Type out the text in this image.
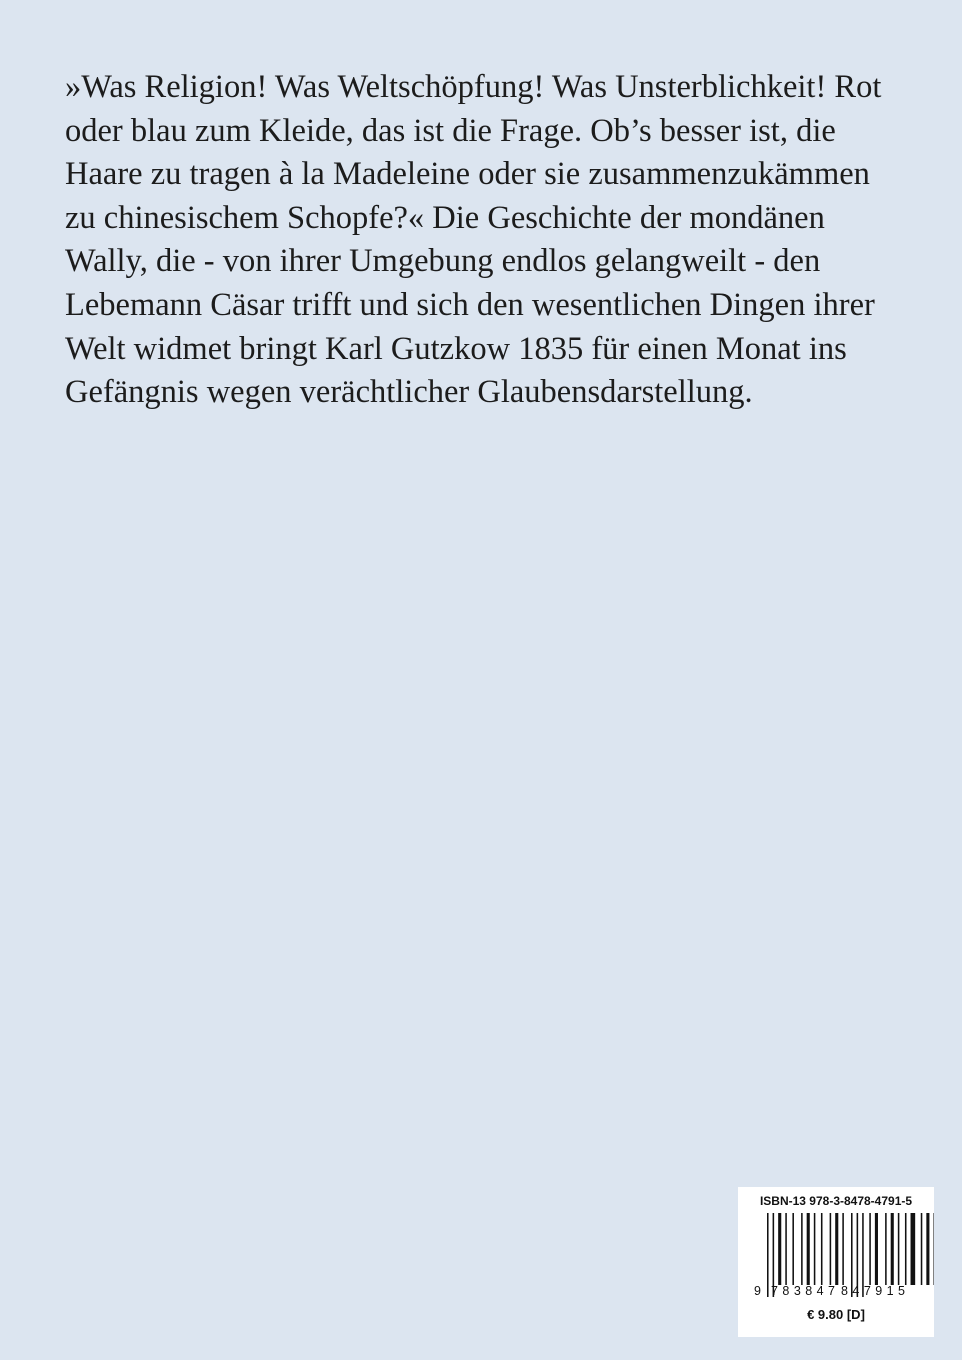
»Was Religion! Was Weltschöpfung! Was Unsterblichkeit! Rot
oder blau zum Kleide, das ist die Frage. Ob’s besser ist, die
Haare zu tragen à la Madeleine oder sie zusammenzukämmen
zu chinesischem Schopfe?« Die Geschichte der mondänen
Wally, die - von ihrer Umgebung endlos gelangweilt - den
Lebemann Cäsar trifft und sich den wesentlichen Dingen ihrer
Welt widmet bringt Karl Gutzkow 1835 für einen Monat ins
Gefängnis wegen verächtlicher Glaubensdarstellung.
ISBN-13 978-3-8478-4791-5
9 783847 847915
€ 9.80 [D]
